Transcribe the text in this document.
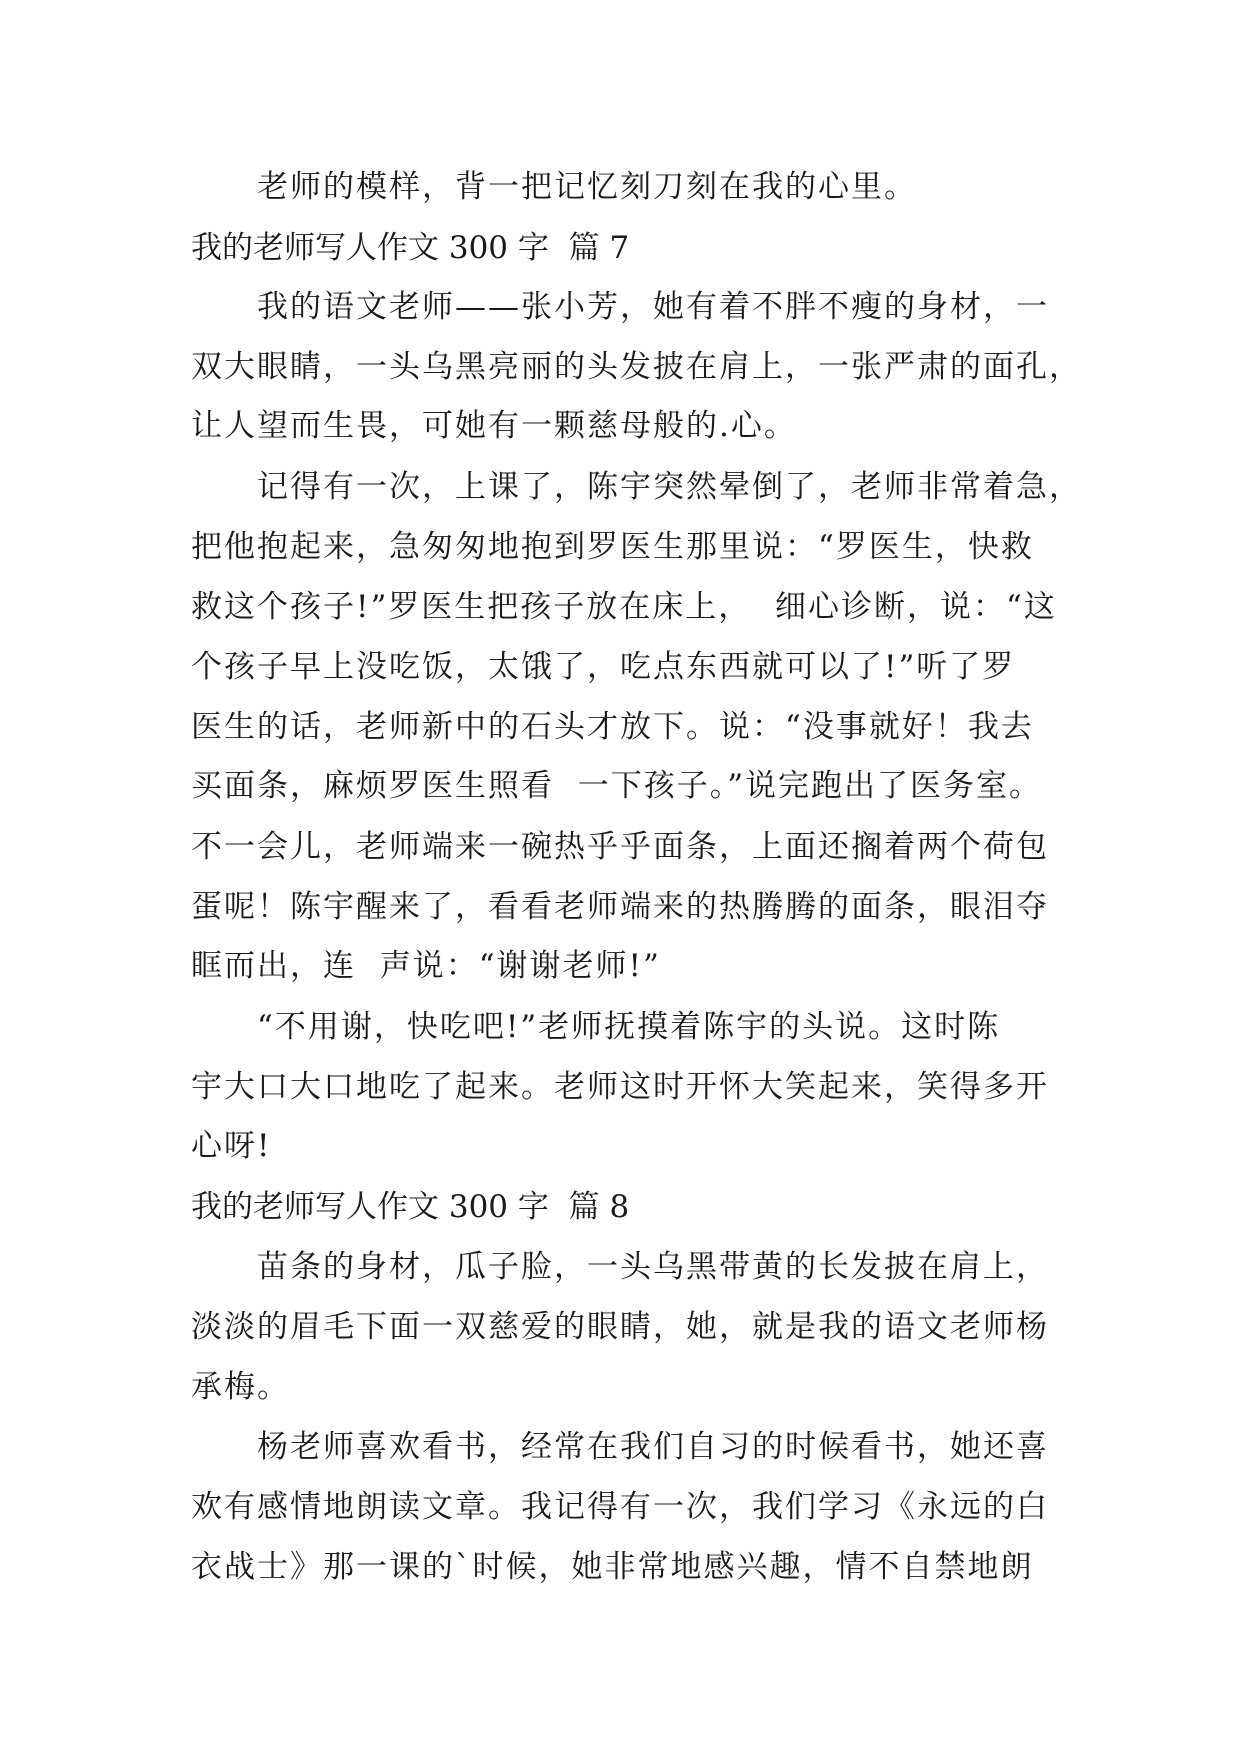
老师的模样，背一把记忆刻刀刻在我的心里。
我的老师写人作文 300 字  篇 7
我的语文老师——张小芳，她有着不胖不瘦的身材，一
双大眼睛，一头乌黑亮丽的头发披在肩上，一张严肃的面孔，
让人望而生畏，可她有一颗慈母般的.心。
记得有一次，上课了，陈宇突然晕倒了，老师非常着急，
把他抱起来，急匆匆地抱到罗医生那里说：“罗医生，快救
救这个孩子!”罗医生把孩子放在床上，  细心诊断，说：“这
个孩子早上没吃饭，太饿了，吃点东西就可以了!”听了罗
医生的话，老师新中的石头才放下。说：“没事就好！我去
买面条，麻烦罗医生照看  一下孩子。”说完跑出了医务室。
不一会儿，老师端来一碗热乎乎面条，上面还搁着两个荷包
蛋呢！陈宇醒来了，看看老师端来的热腾腾的面条，眼泪夺
眶而出，连  声说：“谢谢老师!”
“不用谢，快吃吧!”老师抚摸着陈宇的头说。这时陈
宇大口大口地吃了起来。老师这时开怀大笑起来，笑得多开
心呀!
我的老师写人作文 300 字  篇 8
苗条的身材，瓜子脸，一头乌黑带黄的长发披在肩上，
淡淡的眉毛下面一双慈爱的眼睛，她，就是我的语文老师杨
承梅。
杨老师喜欢看书，经常在我们自习的时候看书，她还喜
欢有感情地朗读文章。我记得有一次，我们学习《永远的白
衣战士》那一课的`时候，她非常地感兴趣，情不自禁地朗
